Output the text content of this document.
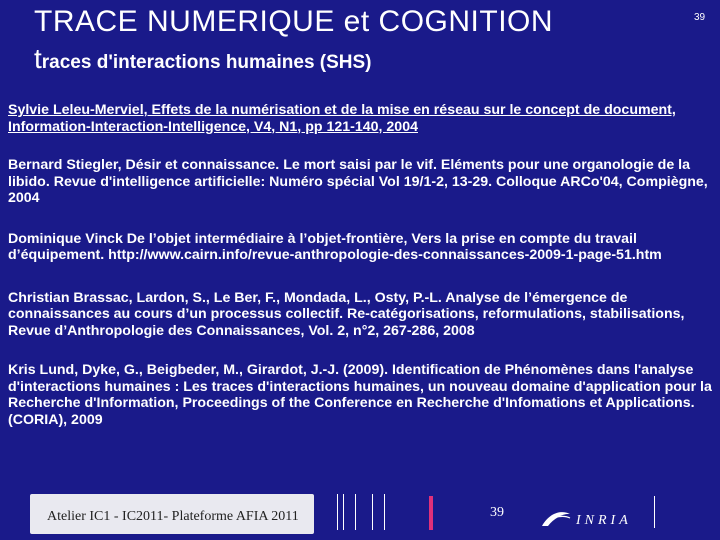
TRACE NUMERIQUE et COGNITION
traces d'interactions humaines (SHS)
39

Sylvie Leleu-Merviel, Effets de la numérisation et de la mise en réseau sur le concept de document, Information-Interaction-Intelligence, V4, N1, pp 121-140, 2004

Bernard Stiegler, Désir et connaissance. Le mort saisi par le vif. Eléments pour une organologie de la libido. Revue d'intelligence artificielle: Numéro spécial Vol 19/1-2, 13-29. Colloque ARCo'04, Compiègne, 2004

Dominique Vinck De l’objet intermédiaire à l’objet-frontière, Vers la prise en compte du travail d’équipement. http://www.cairn.info/revue-anthropologie-des-connaissances-2009-1-page-51.htm

Christian Brassac, Lardon, S., Le Ber, F., Mondada, L., Osty, P.-L. Analyse de l’émergence de connaissances au cours d’un processus collectif. Re-catégorisations, reformulations, stabilisations, Revue d’Anthropologie des Connaissances, Vol. 2, n°2, 267-286, 2008

Kris Lund, Dyke, G., Beigbeder, M., Girardot, J.-J. (2009). Identification de Phénomènes dans l'analyse d'interactions humaines : Les traces d'interactions humaines, un nouveau domaine d'application pour la Recherche d'Information, Proceedings of the Conference en Recherche d'Infomations et Applications. (CORIA), 2009

Atelier IC1 - IC2011- Plateforme AFIA 2011	39
INRIA
